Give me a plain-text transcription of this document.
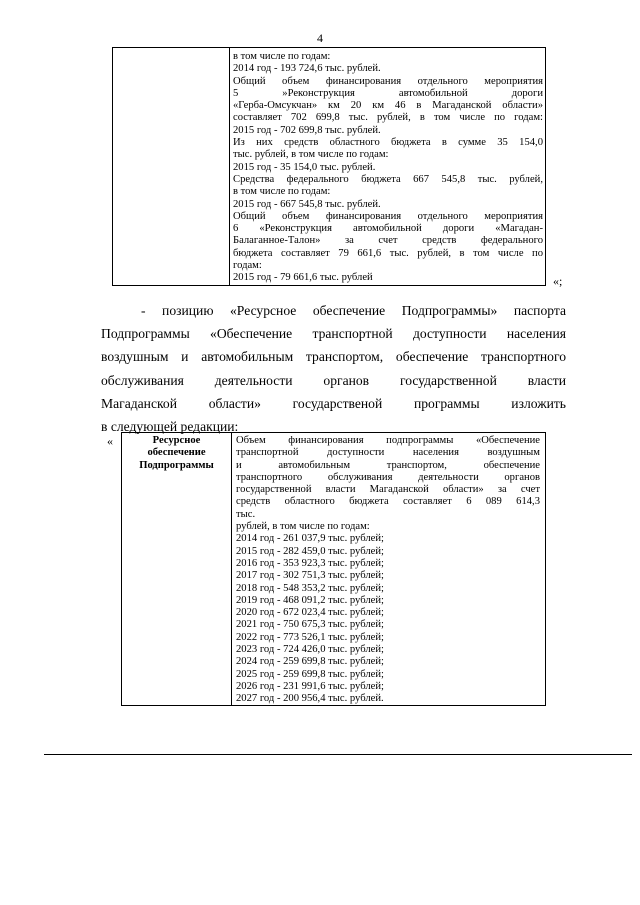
4
в том числе по годам:
2014 год - 193 724,6 тыс. рублей.
Общий объем финансирования отдельного мероприятия
5 »Реконструкция автомобильной дороги
«Герба-Омсукчан» км 20 км 46 в Магаданской области»
составляет 702 699,8 тыс. рублей, в том числе по годам:
2015 год - 702 699,8 тыс. рублей.
Из них средств областного бюджета в сумме 35 154,0
тыс. рублей, в том числе по годам:
2015 год - 35 154,0 тыс. рублей.
Средства федерального бюджета 667 545,8 тыс. рублей,
в том числе по годам:
2015 год - 667 545,8 тыс. рублей.
Общий объем финансирования отдельного мероприятия
6 «Реконструкция автомобильной дороги «Магадан-
Балаганное-Талон» за счет средств федерального
бюджета составляет 79 661,6 тыс. рублей, в том числе по
годам:
2015 год - 79 661,6 тыс. рублей	«;
- позицию «Ресурсное обеспечение Подпрограммы» паспорта
Подпрограммы «Обеспечение транспортной доступности населения
воздушным и автомобильным транспортом, обеспечение транспортного
обслуживания деятельности органов государственной власти
Магаданской области» государственой программы изложить
в следующей редакции:
«	Ресурсное
обеспечение
Подпрограммы
Объем финансирования подпрограммы «Обеспечение
транспортной доступности населения воздушным
и автомобильным транспортом, обеспечение
транспортного обслуживания деятельности органов
государственной власти Магаданской области» за счет
средств областного бюджета составляет 6 089 614,3
тыс.
рублей, в том числе по годам:
2014 год - 261 037,9 тыс. рублей;
2015 год - 282 459,0 тыс. рублей;
2016 год - 353 923,3 тыс. рублей;
2017 год - 302 751,3 тыс. рублей;
2018 год - 548 353,2 тыс. рублей;
2019 год - 468 091,2 тыс. рублей;
2020 год - 672 023,4 тыс. рублей;
2021 год - 750 675,3 тыс. рублей;
2022 год - 773 526,1 тыс. рублей;
2023 год - 724 426,0 тыс. рублей;
2024 год - 259 699,8 тыс. рублей;
2025 год - 259 699,8 тыс. рублей;
2026 год - 231 991,6 тыс. рублей;
2027 год - 200 956,4 тыс. рублей.
